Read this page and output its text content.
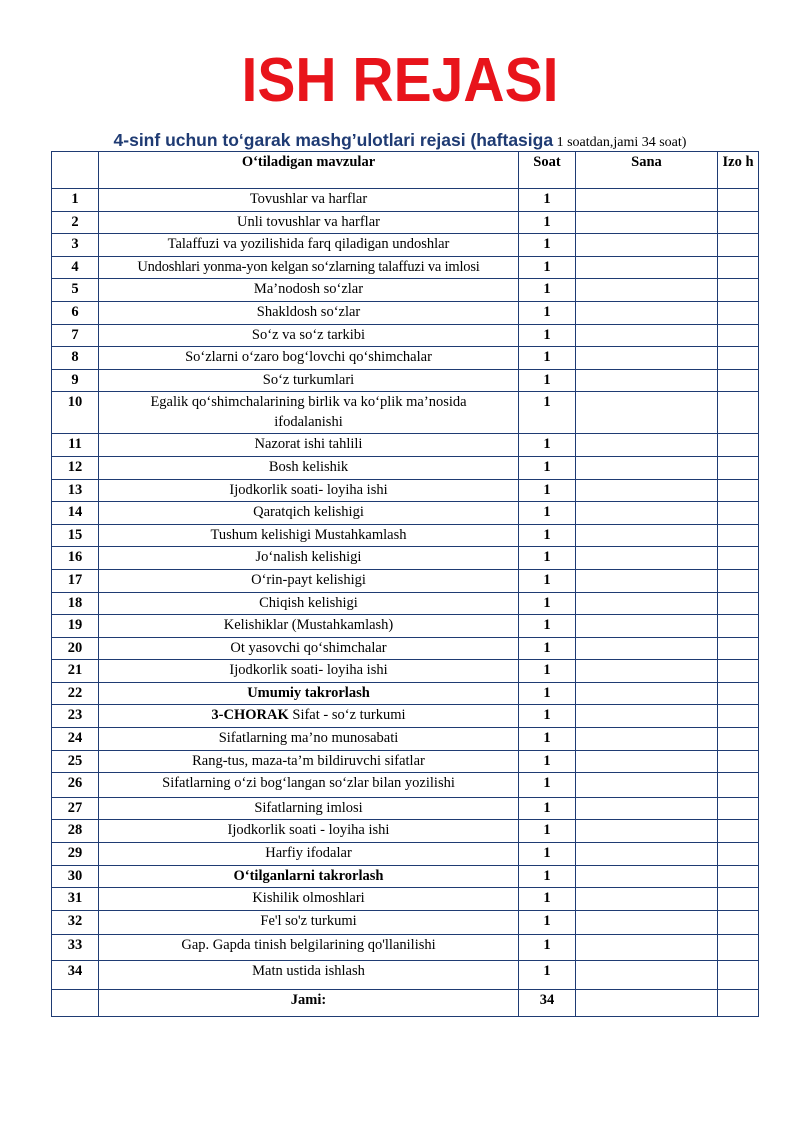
ISH REJASI
4-sinf uchun to‘garak mashg’ulotlari rejasi (haftasiga 1 soatdan,jami 34 soat)
	O‘tiladigan mavzular	Soat	Sana	Izo h
1	Tovushlar va harflar	1		
2	Unli tovushlar va harflar	1		
3	Talaffuzi va yozilishida farq qiladigan undoshlar	1		
4	Undoshlari yonma-yon kelgan so‘zlarning talaffuzi va imlosi	1		
5	Ma’nodosh so‘zlar	1		
6	Shakldosh so‘zlar	1		
7	So‘z va so‘z tarkibi	1		
8	So‘zlarni o‘zaro bog‘lovchi qo‘shimchalar	1		
9	So‘z turkumlari	1		
10	Egalik qo‘shimchalarining birlik va ko‘plik ma’nosida ifodalanishi	1		
11	Nazorat ishi tahlili	1		
12	Bosh kelishik	1		
13	Ijodkorlik soati- loyiha ishi	1		
14	Qaratqich kelishigi	1		
15	Tushum kelishigi Mustahkamlash	1		
16	Jo‘nalish kelishigi	1		
17	O‘rin-payt kelishigi	1		
18	Chiqish kelishigi	1		
19	Kelishiklar (Mustahkamlash)	1		
20	Ot yasovchi qo‘shimchalar	1		
21	Ijodkorlik soati- loyiha ishi	1		
22	Umumiy takrorlash	1		
23	3-CHORAK Sifat - so‘z turkumi	1		
24	Sifatlarning ma’no munosabati	1		
25	Rang-tus, maza-ta’m bildiruvchi sifatlar	1		
26	Sifatlarning o‘zi bog‘langan so‘zlar bilan yozilishi	1		
27	Sifatlarning imlosi	1		
28	Ijodkorlik soati - loyiha ishi	1		
29	Harfiy ifodalar	1		
30	O‘tilganlarni takrorlash	1		
31	Kishilik olmoshlari	1		
32	Fe'l so'z turkumi	1		
33	Gap. Gapda tinish belgilarining qo'llanilishi	1		
34	Matn ustida ishlash	1		
	Jami:	34		
